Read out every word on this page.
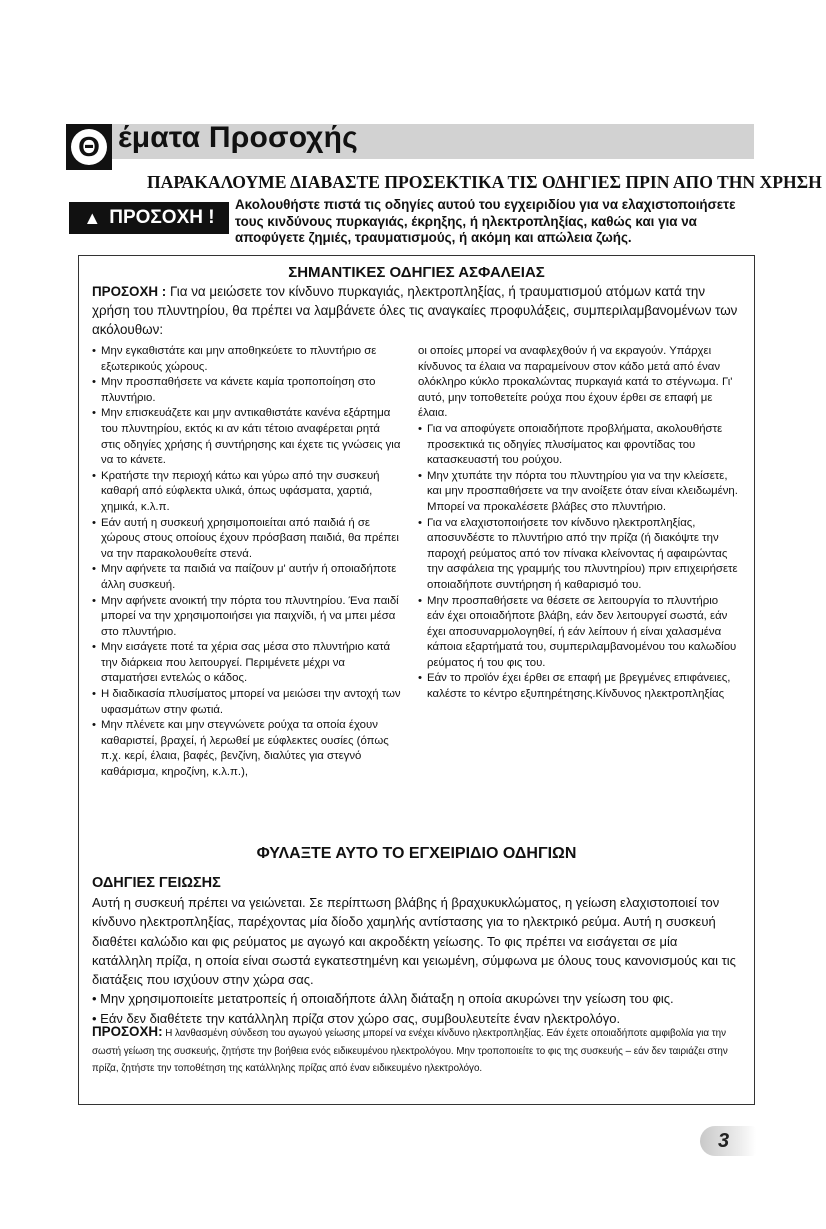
Θ έματα Προσοχής
ΠΑΡΑΚΑΛΟΥΜΕ ΔΙΑΒΑΣΤΕ ΠΡΟΣΕΚΤΙΚΑ ΤΙΣ ΟΔΗΓΙΕΣ ΠΡΙΝ ΑΠΟ ΤΗΝ ΧΡΗΣΗ
▲ ΠΡΟΣΟΧΗ !
Ακολουθήστε πιστά τις οδηγίες αυτού του εγχειριδίου για να ελαχιστοποιήσετε τους κινδύνους πυρκαγιάς, έκρηξης, ή ηλεκτροπληξίας, καθώς και για να αποφύγετε ζημιές, τραυματισμούς, ή ακόμη και απώλεια ζωής.
ΣΗΜΑΝΤΙΚΕΣ ΟΔΗΓΙΕΣ ΑΣΦΑΛΕΙΑΣ

ΠΡΟΣΟΧΗ : Για να μειώσετε τον κίνδυνο πυρκαγιάς, ηλεκτροπληξίας, ή τραυματισμού ατόμων κατά την χρήση του πλυντηρίου, θα πρέπει να λαμβάνετε όλες τις αναγκαίες προφυλάξεις, συμπεριλαμβανομένων των ακόλουθων:

• Μην εγκαθιστάτε και μην αποθηκεύετε το πλυντήριο σε εξωτερικούς χώρους.
• Μην προσπαθήσετε να κάνετε καμία τροποποίηση στο πλυντήριο.
• Μην επισκευάζετε και μην αντικαθιστάτε κανένα εξάρτημα του πλυντηρίου, εκτός κι αν κάτι τέτοιο αναφέρεται ρητά στις οδηγίες χρήσης ή συντήρησης και έχετε τις γνώσεις για να το κάνετε.
• Κρατήστε την περιοχή κάτω και γύρω από την συσκευή καθαρή από εύφλεκτα υλικά, όπως υφάσματα, χαρτιά, χημικά, κ.λ.π.
• Εάν αυτή η συσκευή χρησιμοποιείται από παιδιά ή σε χώρους στους οποίους έχουν πρόσβαση παιδιά, θα πρέπει να την παρακολουθείτε στενά.
• Μην αφήνετε τα παιδιά να παίζουν μ' αυτήν ή οποιαδήποτε άλλη συσκευή.
• Μην αφήνετε ανοικτή την πόρτα του πλυντηρίου. Ένα παιδί μπορεί να την χρησιμοποιήσει για παιχνίδι, ή να μπει μέσα στο πλυντήριο.
• Μην εισάγετε ποτέ τα χέρια σας μέσα στο πλυντήριο κατά την διάρκεια που λειτουργεί. Περιμένετε μέχρι να σταματήσει εντελώς ο κάδος.
• Η διαδικασία πλυσίματος μπορεί να μειώσει την αντοχή των υφασμάτων στην φωτιά.
• Μην πλένετε και μην στεγνώνετε ρούχα τα οποία έχουν καθαριστεί, βραχεί, ή λερωθεί με εύφλεκτες ουσίες (όπως π.χ. κερί, έλαια, βαφές, βενζίνη, διαλύτες για στεγνό καθάρισμα, κηροζίνη, κ.λ.π.),
οι οποίες μπορεί να αναφλεχθούν ή να εκραγούν. Υπάρχει κίνδυνος τα έλαια να παραμείνουν στον κάδο μετά από έναν ολόκληρο κύκλο προκαλώντας πυρκαγιά κατά το στέγνωμα. Γι' αυτό, μην τοποθετείτε ρούχα που έχουν έρθει σε επαφή με έλαια.
• Για να αποφύγετε οποιαδήποτε προβλήματα, ακολουθήστε προσεκτικά τις οδηγίες πλυσίματος και φροντίδας του κατασκευαστή του ρούχου.
• Μην χτυπάτε την πόρτα του πλυντηρίου για να την κλείσετε, και μην προσπαθήσετε να την ανοίξετε όταν είναι κλειδωμένη. Μπορεί να προκαλέσετε βλάβες στο πλυντήριο.
• Για να ελαχιστοποιήσετε τον κίνδυνο ηλεκτροπληξίας, αποσυνδέστε το πλυντήριο από την πρίζα (ή διακόψτε την παροχή ρεύματος από τον πίνακα κλείνοντας ή αφαιρώντας την ασφάλεια της γραμμής του πλυντηρίου) πριν επιχειρήσετε οποιαδήποτε συντήρηση ή καθαρισμό του.
• Μην προσπαθήσετε να θέσετε σε λειτουργία το πλυντήριο εάν έχει οποιαδήποτε βλάβη, εάν δεν λειτουργεί σωστά, εάν έχει αποσυναρμολογηθεί, ή εάν λείπουν ή είναι χαλασμένα κάποια εξαρτήματά του, συμπεριλαμβανομένου του καλωδίου ρεύματος ή του φις του.
• Εάν το προϊόν έχει έρθει σε επαφή με βρεγμένες επιφάνειες, καλέστε το κέντρο εξυπηρέτησης.Κίνδυνος ηλεκτροπληξίας
ΦΥΛΑΞΤΕ ΑΥΤΟ ΤΟ ΕΓΧΕΙΡΙΔΙΟ ΟΔΗΓΙΩΝ
ΟΔΗΓΙΕΣ ΓΕΙΩΣΗΣ
Αυτή η συσκευή πρέπει να γειώνεται. Σε περίπτωση βλάβης ή βραχυκυκλώματος, η γείωση ελαχιστοποιεί τον κίνδυνο ηλεκτροπληξίας, παρέχοντας μία δίοδο χαμηλής αντίστασης για το ηλεκτρικό ρεύμα. Αυτή η συσκευή διαθέτει καλώδιο και φις ρεύματος με αγωγό και ακροδέκτη γείωσης. Το φις πρέπει να εισάγεται σε μία κατάλληλη πρίζα, η οποία είναι σωστά εγκατεστημένη και γειωμένη, σύμφωνα με όλους τους κανονισμούς και τις διατάξεις που ισχύουν στην χώρα σας.
• Μην χρησιμοποιείτε μετατροπείς ή οποιαδήποτε άλλη διάταξη η οποία ακυρώνει την γείωση του φις.
• Εάν δεν διαθέτετε την κατάλληλη πρίζα στον χώρο σας, συμβουλευτείτε έναν ηλεκτρολόγο.
ΠΡΟΣΟΧΗ: Η λανθασμένη σύνδεση του αγωγού γείωσης μπορεί να ενέχει κίνδυνο ηλεκτροπληξίας. Εάν έχετε οποιαδήποτε αμφιβολία για την σωστή γείωση της συσκευής, ζητήστε την βοήθεια ενός ειδικευμένου ηλεκτρολόγου. Μην τροποποιείτε το φις της συσκευής – εάν δεν ταιριάζει στην πρίζα, ζητήστε την τοποθέτηση της κατάλληλης πρίζας από έναν ειδικευμένο ηλεκτρολόγο.
3
